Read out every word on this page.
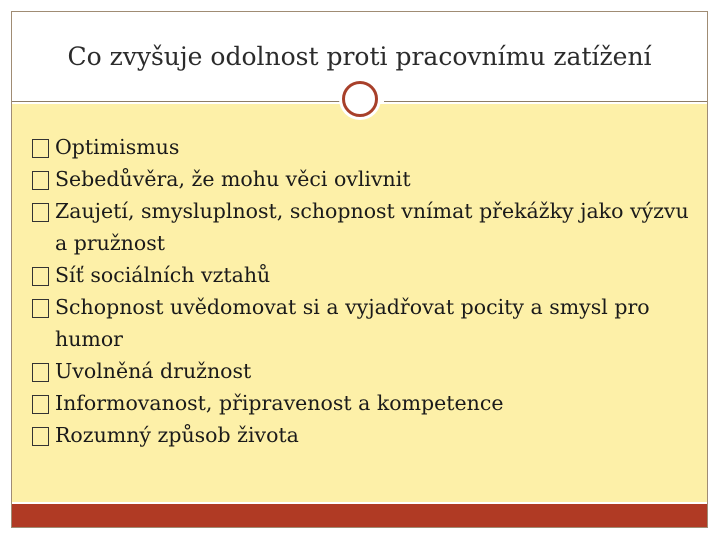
Co zvyšuje odolnost proti pracovnímu zatížení
Optimismus
Sebedůvěra, že mohu věci ovlivnit
Zaujetí, smysluplnost, schopnost vnímat překážky jako výzvu a pružnost
Síť sociálních vztahů
Schopnost uvědomovat si a vyjadřovat pocity a smysl pro humor
Uvolněná družnost
Informovanost, připravenost a kompetence
Rozumný způsob života
